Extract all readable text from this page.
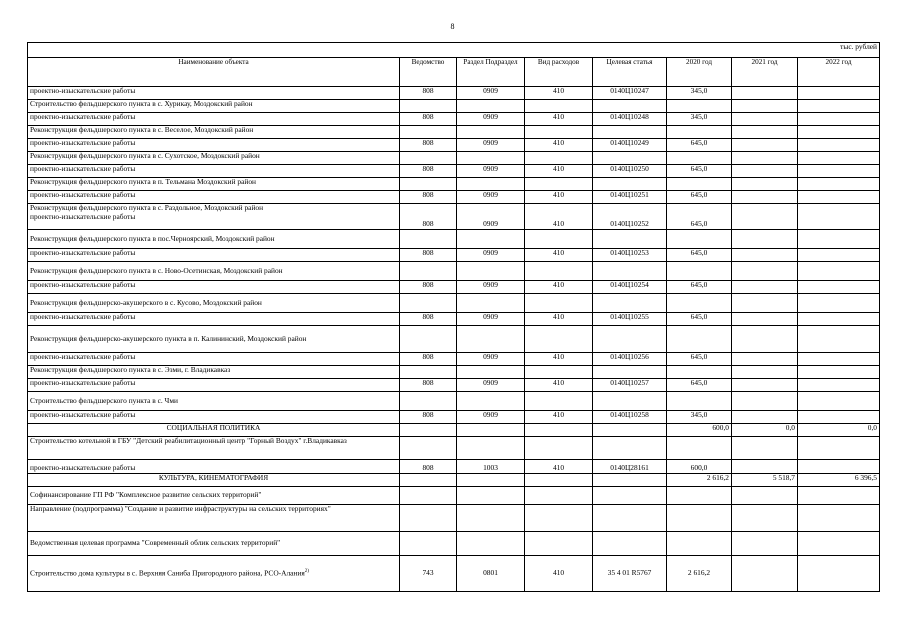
8
тыс. рублей							
Наименование объекта	Ведомство	Раздел Подраздел	Вид расходов	Целевая статья	2020 год	2021 год	2022 год
проектно-изыскательские работы	808	0909	410	0140Ц10247	345,0		
Строительство фельдшерского пункта в с. Хурикау, Моздокский район							
проектно-изыскательские работы	808	0909	410	0140Ц10248	345,0		
Реконструкция фельдшерского пункта в с. Веселое, Моздокский район							
проектно-изыскательские работы	808	0909	410	0140Ц10249	645,0		
Реконструкция фельдшерского пункта в с. Сухотское, Моздокский район							
проектно-изыскательские работы	808	0909	410	0140Ц10250	645,0		
Реконструкция фельдшерского пункта в п. Тельмана Моздокский район							
проектно-изыскательские работы	808	0909	410	0140Ц10251	645,0		

Реконструкция фельдшерского пункта в с. Раздольное, Моздокский район
проектно-изыскательские работы	808	0909	410	0140Ц10252	645,0		
Реконструкция фельдшерского пункта в пос.Черноярский, Моздокский район							
проектно-изыскательские работы	808	0909	410	0140Ц10253	645,0		
Реконструкция фельдшерского пункта в с. Ново-Осетинская, Моздокский район							
проектно-изыскательские работы	808	0909	410	0140Ц10254	645,0		
Реконструкция фельдшерско-акушерского в с. Кусово, Моздокский район							
проектно-изыскательские работы	808	0909	410	0140Ц10255	645,0		
Реконструкция фельдшерско-акушерского пункта в п. Калининский, Моздокский район							
проектно-изыскательские работы	808	0909	410	0140Ц10256	645,0		
Реконструкция фельдшерского пункта в с. Эзми, г. Владикавказ							
проектно-изыскательские работы	808	0909	410	0140Ц10257	645,0		
Строительство фельдшерского пункта в с. Чми							
проектно-изыскательские работы	808	0909	410	0140Ц10258	345,0		
СОЦИАЛЬНАЯ ПОЛИТИКА					600,0	0,0	0,0
Строительство котельной в ГБУ "Детский реабилитационный центр "Горный Воздух" г.Владикавказ							
проектно-изыскательские работы	808	1003	410	0140Ц28161	600,0		
КУЛЬТУРА, КИНЕМАТОГРАФИЯ					2 616,2	5 518,7	6 396,5
Софинансирование ГП РФ "Комплексное развитие сельских территорий"							
Направление (подпрограмма) "Создание и развитие инфраструктуры на сельских территориях"							
Ведомственная целевая программа "Современный облик сельских территорий"							
Строительство дома культуры в с. Верхняя Саниба Пригородного района, РСО-Алания$^{2)}$	743	0801	410	35 4 01 R5767	2 616,2		
